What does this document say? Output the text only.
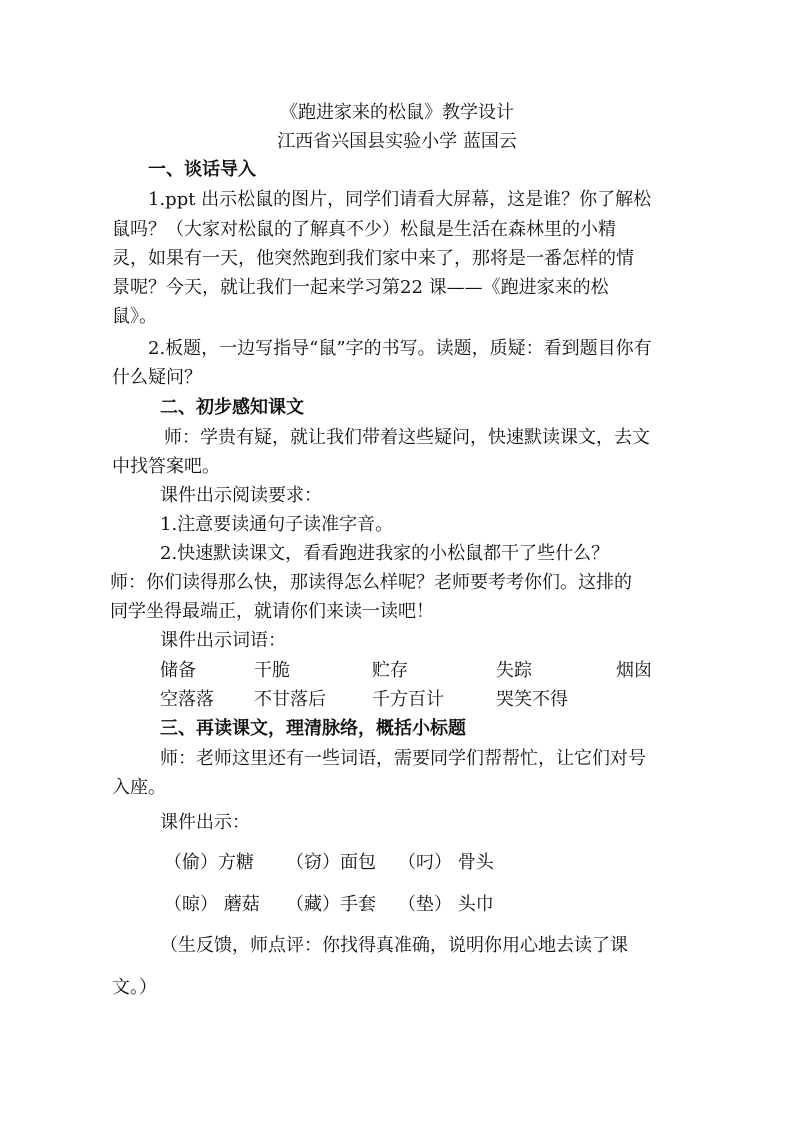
《跑进家来的松鼠》教学设计
江西省兴国县实验小学 蓝国云
一、谈话导入
1.ppt 出示松鼠的图片，同学们请看大屏幕，这是谁？你了解松
鼠吗？（大家对松鼠的了解真不少）松鼠是生活在森林里的小精
灵，如果有一天，他突然跑到我们家中来了，那将是一番怎样的情
景呢？今天，就让我们一起来学习第22 课——《跑进家来的松
鼠》。
2.板题，一边写指导“鼠”字的书写。读题，质疑：看到题目你有
什么疑问？
二、初步感知课文
师：学贵有疑，就让我们带着这些疑问，快速默读课文，去文
中找答案吧。
课件出示阅读要求：
1.注意要读通句子读准字音。
2.快速默读课文，看看跑进我家的小松鼠都干了些什么？
师：你们读得那么快，那读得怎么样呢？老师要考考你们。这排的
同学坐得最端正，就请你们来读一读吧！
课件出示词语：
储备	干脆	贮存	失踪	烟囱
空落落 不甘落后	千方百计	哭笑不得
三、再读课文，理清脉络，概括小标题
师：老师这里还有一些词语，需要同学们帮帮忙，让它们对号
入座。
课件出示：
（偷）方糖 （窃）面包 （叼） 骨头
（晾） 蘑菇 （藏）手套 （垫） 头巾
（生反馈，师点评：你找得真准确，说明你用心地去读了课
文。）
